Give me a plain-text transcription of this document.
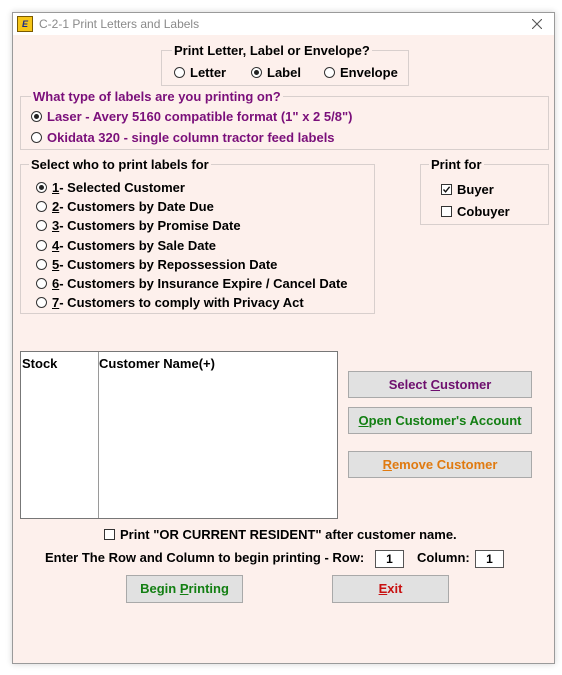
E C-2-1 Print Letters and Labels
Print Letter, Label or Envelope?
Letter	Label	Envelope
What type of labels are you printing on?
Laser - Avery 5160 compatible format (1" x 2 5/8")
Okidata 320 - single column tractor feed labels
Select who to print labels for
1 - Selected Customer
2 - Customers by Date Due
3 - Customers by Promise Date
4 - Customers by Sale Date
5 - Customers by Repossession Date
6 - Customers by Insurance Expire / Cancel Date
7 - Customers to comply with Privacy Act
Print for
Buyer
Cobuyer
Stock	Customer Name(+)
Select Customer
Open Customer's Account
Remove Customer
Print "OR CURRENT RESIDENT" after customer name.
Enter The Row and Column to begin printing - Row:	1	Column:	1
Begin Printing	Exit
